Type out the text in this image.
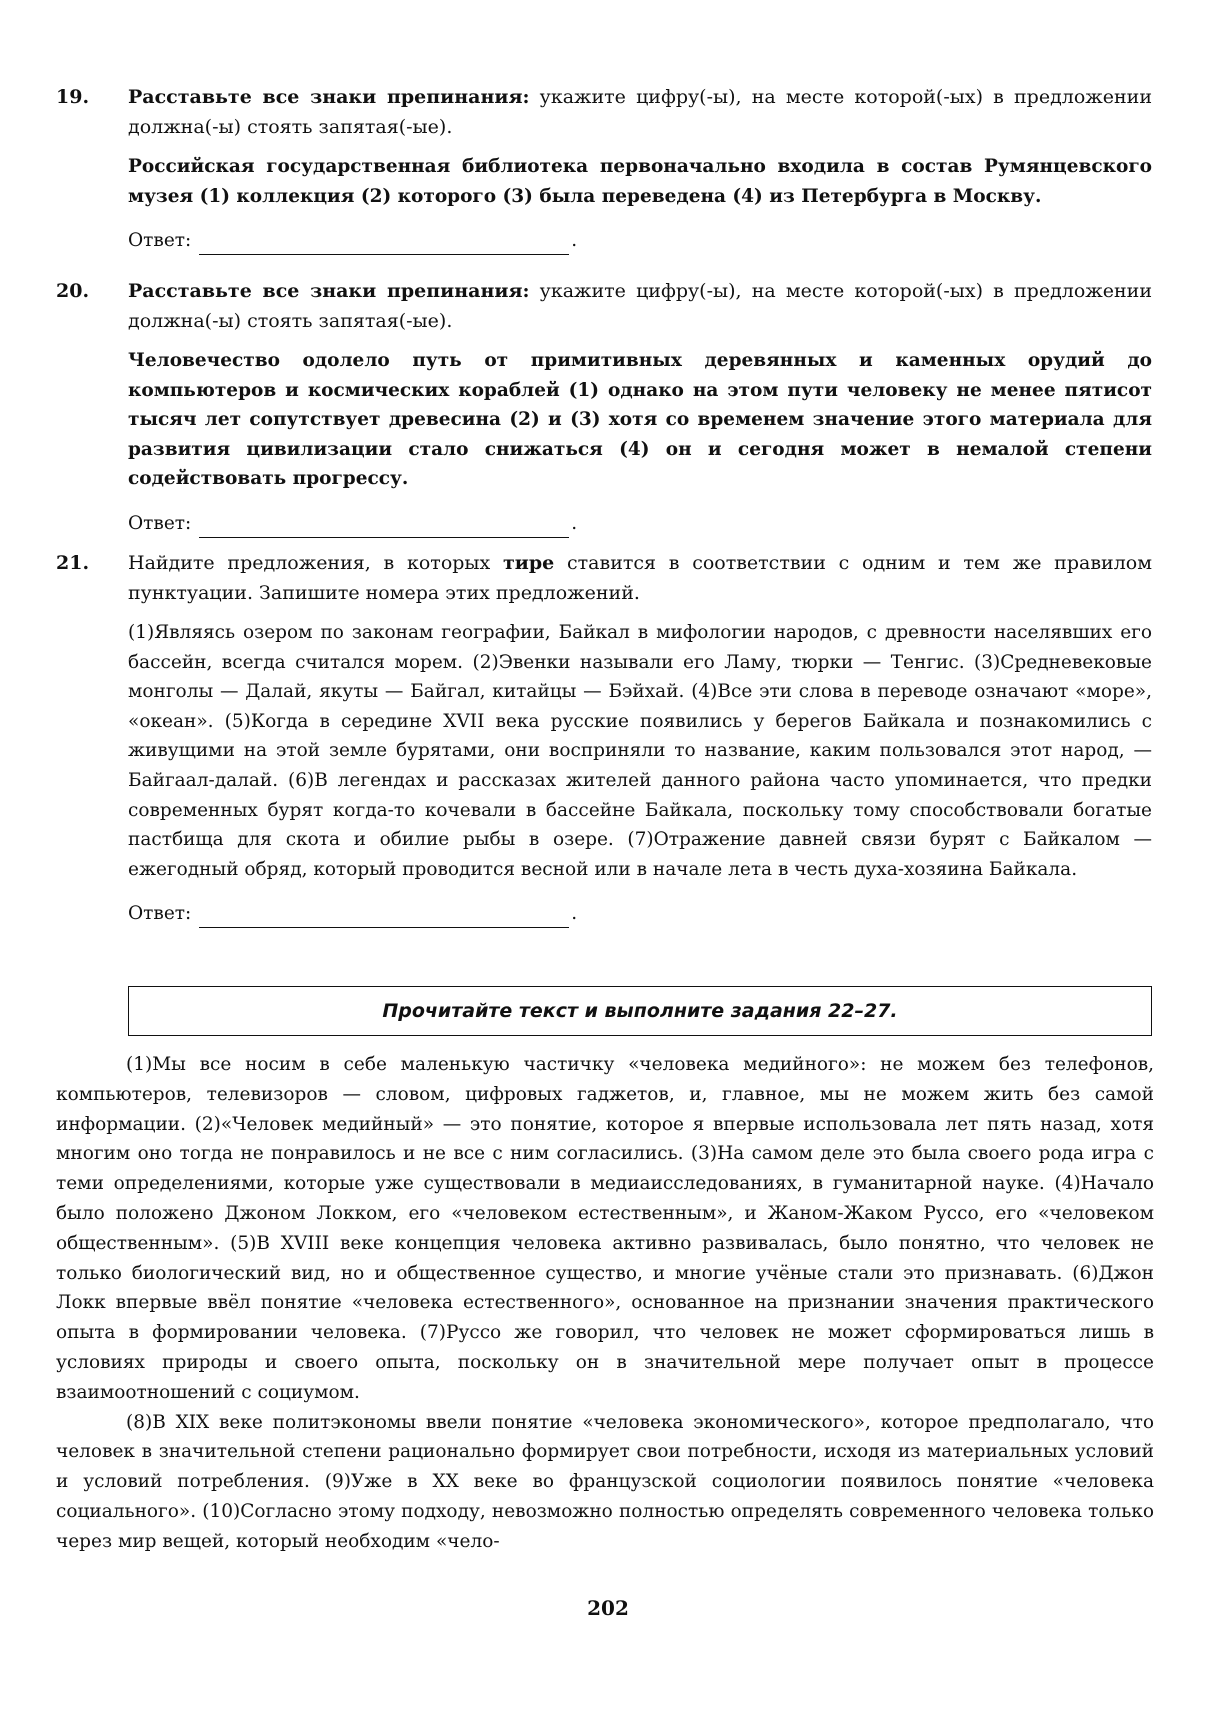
19. Расставьте все знаки препинания: укажите цифру(-ы), на месте которой(-ых) в предложении должна(-ы) стоять запятая(-ые).

Российская государственная библиотека первоначально входила в состав Румянцевского музея (1) коллекция (2) которого (3) была переведена (4) из Петербурга в Москву.

Ответ:	.
20. Расставьте все знаки препинания: укажите цифру(-ы), на месте которой(-ых) в предложении должна(-ы) стоять запятая(-ые).

Человечество одолело путь от примитивных деревянных и каменных орудий до компьютеров и космических кораблей (1) однако на этом пути человеку не менее пятисот тысяч лет сопутствует древесина (2) и (3) хотя со временем значение этого материала для развития цивилизации стало снижаться (4) он и сегодня может в немалой степени содействовать прогрессу.

Ответ:	.
21. Найдите предложения, в которых тире ставится в соответствии с одним и тем же правилом пунктуации. Запишите номера этих предложений.

(1)Являясь озером по законам географии, Байкал в мифологии народов, с древности населявших его бассейн, всегда считался морем. (2)Эвенки называли его Ламу, тюрки — Тенгис. (3)Средневековые монголы — Далай, якуты — Байгал, китайцы — Бэйхай. (4)Все эти слова в переводе означают «море», «океан». (5)Когда в середине XVII века русские появились у берегов Байкала и познакомились с живущими на этой земле бурятами, они восприняли то название, каким пользовался этот народ, — Байгаал-далай. (6)В легендах и рассказах жителей данного района часто упоминается, что предки современных бурят когда-то кочевали в бассейне Байкала, поскольку тому способствовали богатые пастбища для скота и обилие рыбы в озере. (7)Отражение давней связи бурят с Байкалом — ежегодный обряд, который проводится весной или в начале лета в честь духа-хозяина Байкала.

Ответ:	.
Прочитайте текст и выполните задания 22–27.

(1)Мы все носим в себе маленькую частичку «человека медийного»: не можем без телефонов, компьютеров, телевизоров — словом, цифровых гаджетов, и, главное, мы не можем жить без самой информации. (2)«Человек медийный» — это понятие, которое я впервые использовала лет пять назад, хотя многим оно тогда не понравилось и не все с ним согласились. (3)На самом деле это была своего рода игра с теми определениями, которые уже существовали в медиаисследованиях, в гуманитарной науке. (4)Начало было положено Джоном Локком, его «человеком естественным», и Жаном-Жаком Руссо, его «человеком общественным». (5)В XVIII веке концепция человека активно развивалась, было понятно, что человек не только биологический вид, но и общественное существо, и многие учёные стали это признавать. (6)Джон Локк впервые ввёл понятие «человека естественного», основанное на признании значения практического опыта в формировании человека. (7)Руссо же говорил, что человек не может сформироваться лишь в условиях природы и своего опыта, поскольку он в значительной мере получает опыт в процессе взаимоотношений с социумом.

(8)В XIX веке политэкономы ввели понятие «человека экономического», которое предполагало, что человек в значительной степени рационально формирует свои потребности, исходя из материальных условий и условий потребления. (9)Уже в XX веке во французской социологии появилось понятие «человека социального». (10)Согласно этому подходу, невозможно полностью определять современного человека только через мир вещей, который необходим «чело-

202
